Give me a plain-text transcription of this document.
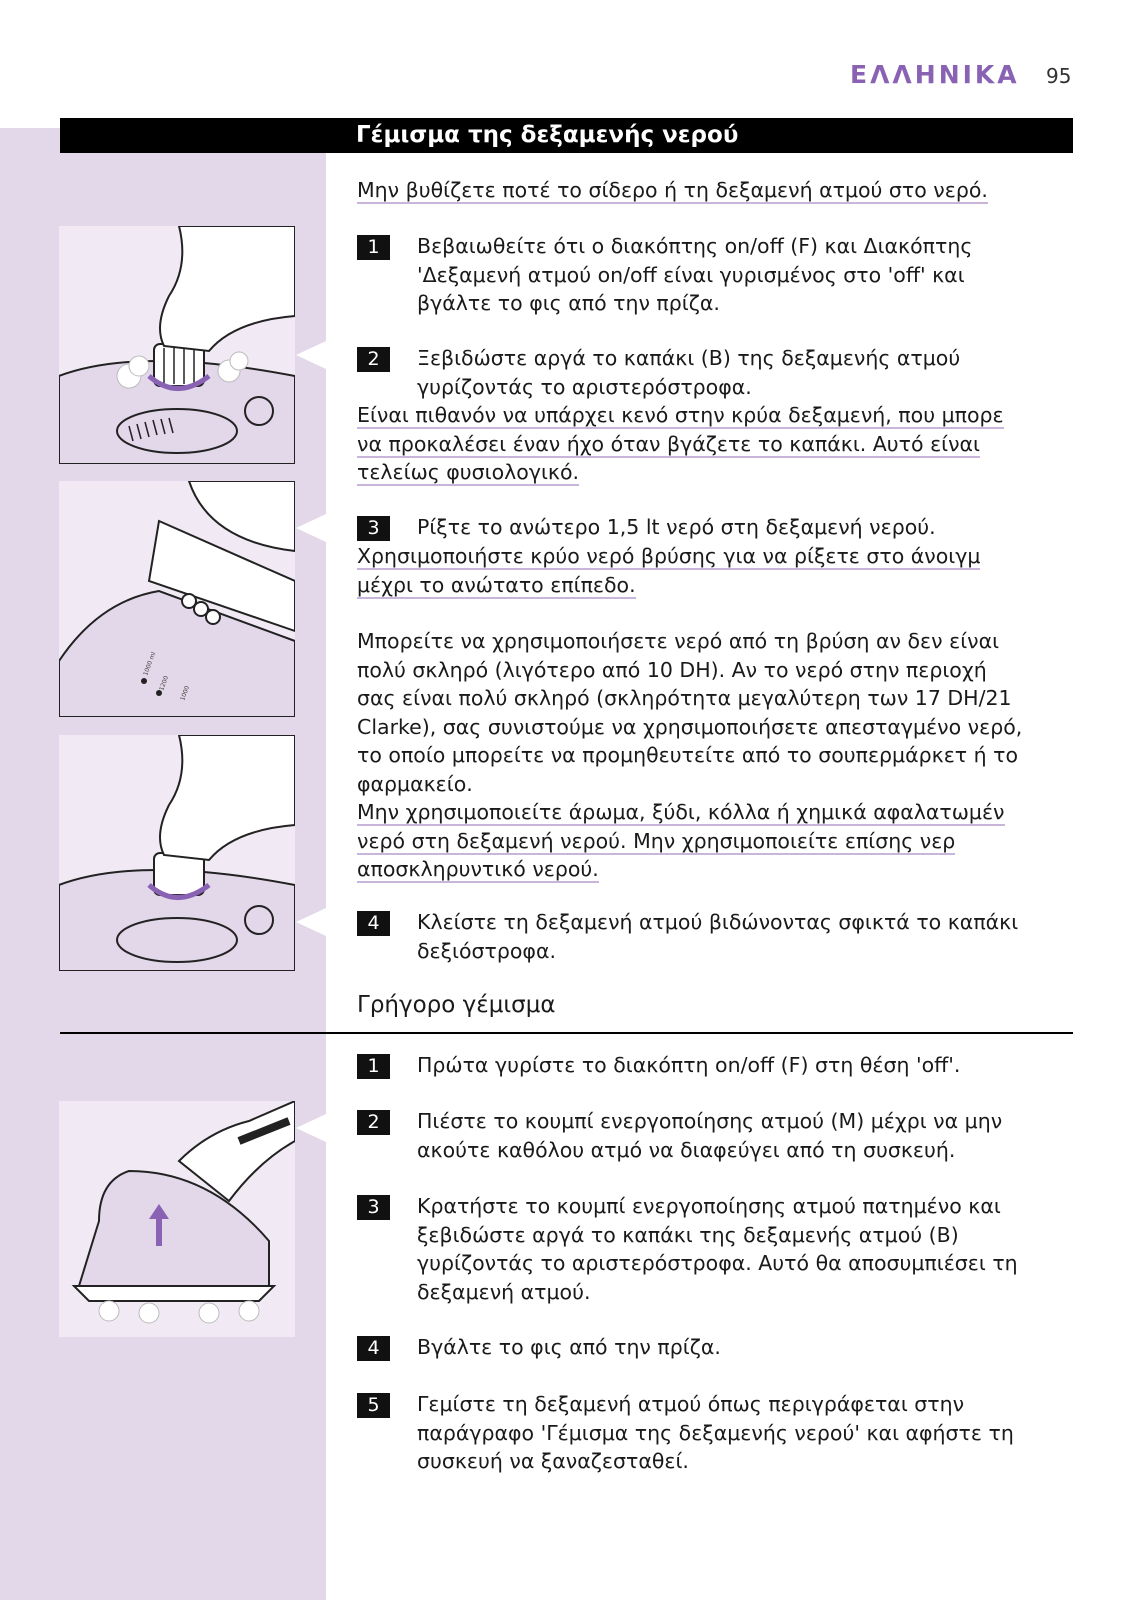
ΕΛΛΗΝΙΚΑ 95
Γέμισμα της δεξαμενής νερού
1000 ml
1200
1000
Μην βυθίζετε ποτέ το σίδερο ή τη δεξαμενή ατμού στο νερό.
1	Βεβαιωθείτε ότι ο διακόπτης on/off (F) και Διακόπτης
'Δεξαμενή ατμού on/off είναι γυρισμένος στο 'off' και
βγάλτε το φις από την πρίζα.
2	Ξεβιδώστε αργά το καπάκι (B) της δεξαμενής ατμού
γυρίζοντάς το αριστερόστροφα.
Είναι πιθανόν να υπάρχει κενό στην κρύα δεξαμενή, που μπορε
να προκαλέσει έναν ήχο όταν βγάζετε το καπάκι. Αυτό είναι
τελείως φυσιολογικό.
3	Ρίξτε το ανώτερο 1,5 lt νερό στη δεξαμενή νερού.
Χρησιμοποιήστε κρύο νερό βρύσης για να ρίξετε στο άνοιγμ
μέχρι το ανώτατο επίπεδο.
Μπορείτε να χρησιμοποιήσετε νερό από τη βρύση αν δεν είναι
πολύ σκληρό (λιγότερο από 10 DH). Αν το νερό στην περιοχή
σας είναι πολύ σκληρό (σκληρότητα μεγαλύτερη των 17 DH/21
Clarke), σας συνιστούμε να χρησιμοποιήσετε απεσταγμένο νερό,
το οποίο μπορείτε να προμηθευτείτε από το σουπερμάρκετ ή το
φαρμακείο.
Μην χρησιμοποιείτε άρωμα, ξύδι, κόλλα ή χημικά αφαλατωμέν
νερό στη δεξαμενή νερού. Μην χρησιμοποιείτε επίσης νερ
αποσκληρυντικό νερού.
4	Κλείστε τη δεξαμενή ατμού βιδώνοντας σφικτά το καπάκι
δεξιόστροφα.
Γρήγορο γέμισμα
1	Πρώτα γυρίστε το διακόπτη on/off (F) στη θέση 'off'.
2	Πιέστε το κουμπί ενεργοποίησης ατμού (M) μέχρι να μην
ακούτε καθόλου ατμό να διαφεύγει από τη συσκευή.
3	Κρατήστε το κουμπί ενεργοποίησης ατμού πατημένο και
ξεβιδώστε αργά το καπάκι της δεξαμενής ατμού (B)
γυρίζοντάς το αριστερόστροφα. Αυτό θα αποσυμπιέσει τη
δεξαμενή ατμού.
4	Βγάλτε το φις από την πρίζα.
5	Γεμίστε τη δεξαμενή ατμού όπως περιγράφεται στην
παράγραφο 'Γέμισμα της δεξαμενής νερού' και αφήστε τη
συσκευή να ξαναζεσταθεί.
